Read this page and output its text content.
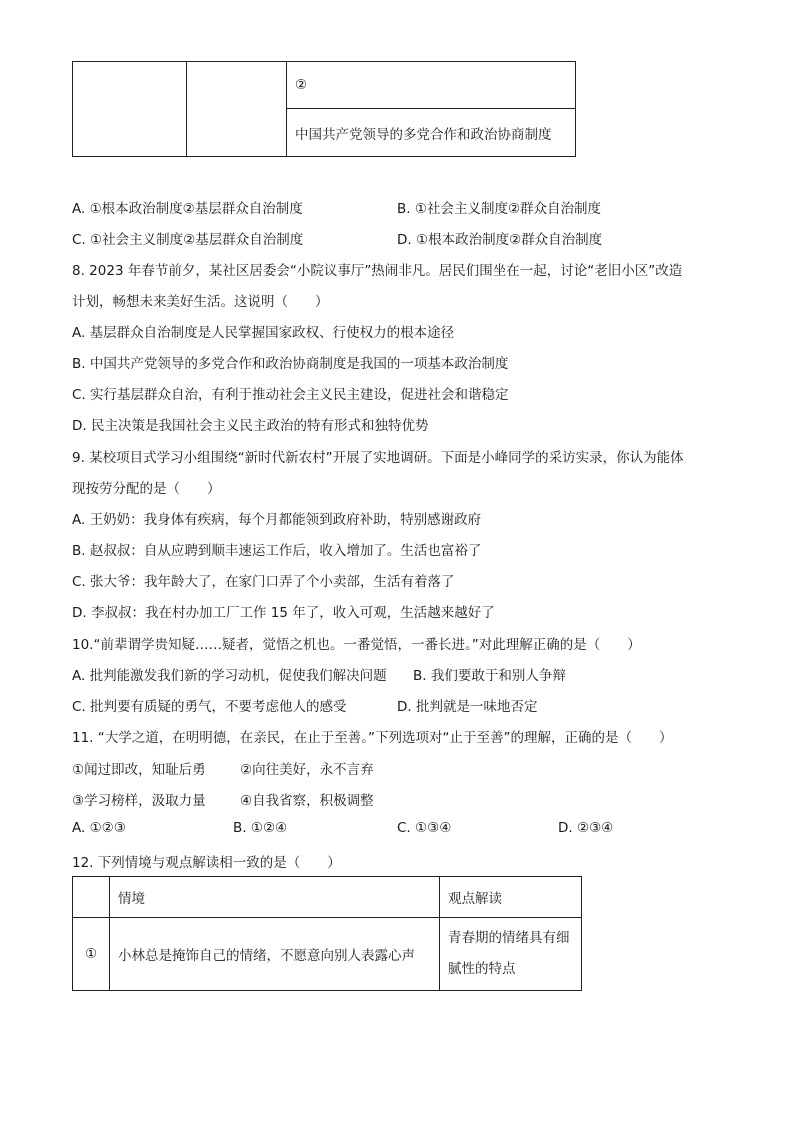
		②
中国共产党领导的多党合作和政治协商制度
A. ①根本政治制度②基层群众自治制度	B. ①社会主义制度②群众自治制度
C. ①社会主义制度②基层群众自治制度	D. ①根本政治制度②群众自治制度
8. 2023 年春节前夕，某社区居委会“小院议事厅”热闹非凡。居民们围坐在一起，讨论“老旧小区”改造
计划，畅想未来美好生活。这说明（　　）
A. 基层群众自治制度是人民掌握国家政权、行使权力的根本途径
B. 中国共产党领导的多党合作和政治协商制度是我国的一项基本政治制度
C. 实行基层群众自治，有利于推动社会主义民主建设，促进社会和谐稳定
D. 民主决策是我国社会主义民主政治的特有形式和独特优势
9. 某校项目式学习小组围绕“新时代新农村”开展了实地调研。下面是小峰同学的采访实录，你认为能体
现按劳分配的是（　　）
A. 王奶奶：我身体有疾病，每个月都能领到政府补助，特别感谢政府
B. 赵叔叔：自从应聘到顺丰速运工作后，收入增加了。生活也富裕了
C. 张大爷：我年龄大了，在家门口弄了个小卖部，生活有着落了
D. 李叔叔：我在村办加工厂工作 15 年了，收入可观，生活越来越好了
10.“前辈谓学贵知疑……疑者，觉悟之机也。一番觉悟，一番长进。”对此理解正确的是（　　）
A. 批判能激发我们新的学习动机，促使我们解决问题 B. 我们要敢于和别人争辩
C. 批判要有质疑的勇气，不要考虑他人的感受	D. 批判就是一味地否定
11. “大学之道，在明明德，在亲民，在止于至善。”下列选项对“止于至善”的理解，正确的是（　　）
①闻过即改，知耻后勇	②向往美好，永不言弃
③学习榜样，汲取力量	④自我省察，积极调整
A. ①②③	B. ①②④	C. ①③④	D. ②③④
12. 下列情境与观点解读相一致的是（　　）
	情境	观点解读
①	小林总是掩饰自己的情绪，不愿意向别人表露心声	青春期的情绪具有细
腻性的特点
